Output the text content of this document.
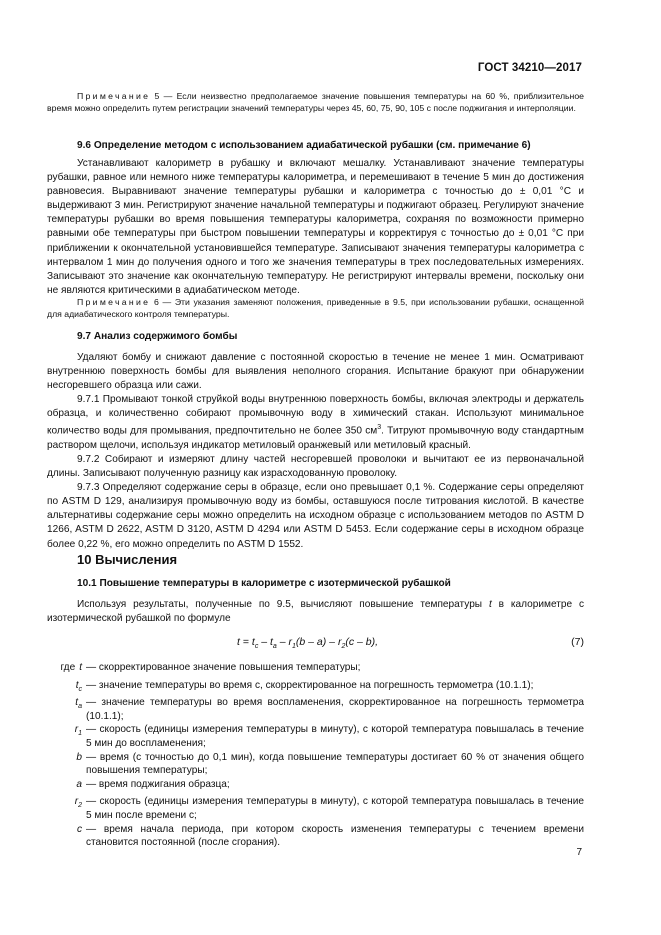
ГОСТ 34210—2017
Примечание 5 — Если неизвестно предполагаемое значение повышения температуры на 60 %, приблизительное время можно определить путем регистрации значений температуры через 45, 60, 75, 90, 105 с после поджигания и интерполяции.
9.6 Определение методом с использованием адиабатической рубашки (см. примечание 6)
Устанавливают калориметр в рубашку и включают мешалку. Устанавливают значение температуры рубашки, равное или немного ниже температуры калориметра, и перемешивают в течение 5 мин до достижения равновесия. Выравнивают значение температуры рубашки и калориметра с точностью до ± 0,01 °C и выдерживают 3 мин. Регистрируют значение начальной температуры и поджигают образец. Регулируют значение температуры рубашки во время повышения температуры калориметра, сохраняя по возможности примерно равными обе температуры при быстром повышении температуры и корректируя с точностью до ± 0,01 °C при приближении к окончательной установившейся температуре. Записывают значения температуры калориметра с интервалом 1 мин до получения одного и того же значения температуры в трех последовательных измерениях. Записывают это значение как окончательную температуру. Не регистрируют интервалы времени, поскольку они не являются критическими в адиабатическом методе.
Примечание 6 — Эти указания заменяют положения, приведенные в 9.5, при использовании рубашки, оснащенной для адиабатического контроля температуры.
9.7 Анализ содержимого бомбы
Удаляют бомбу и снижают давление с постоянной скоростью в течение не менее 1 мин. Осматривают внутреннюю поверхность бомбы для выявления неполного сгорания. Испытание бракуют при обнаружении несгоревшего образца или сажи.
9.7.1 Промывают тонкой струйкой воды внутреннюю поверхность бомбы, включая электроды и держатель образца, и количественно собирают промывочную воду в химический стакан. Используют минимальное количество воды для промывания, предпочтительно не более 350 $см^3$. Титруют промывочную воду стандартным раствором щелочи, используя индикатор метиловый оранжевый или метиловый красный.
9.7.2 Собирают и измеряют длину частей несгоревшей проволоки и вычитают ее из первоначальной длины. Записывают полученную разницу как израсходованную проволоку.
9.7.3 Определяют содержание серы в образце, если оно превышает 0,1 %. Содержание серы определяют по ASTM D 129, анализируя промывочную воду из бомбы, оставшуюся после титрования кислотой. В качестве альтернативы содержание серы можно определить на исходном образце с использованием методов по ASTM D 1266, ASTM D 2622, ASTM D 3120, ASTM D 4294 или ASTM D 5453. Если содержание серы в исходном образце более 0,22 %, его можно определить по ASTM D 1552.
10 Вычисления
10.1 Повышение температуры в калориметре с изотермической рубашкой
Используя результаты, полученные по 9.5, вычисляют повышение температуры t в калориметре с изотермической рубашкой по формуле
$t = t_c - t_a - r_1(b - a) - r_2(c - b)$,	(7)
где t — скорректированное значение повышения температуры;
$t_c$ — значение температуры во время c, скорректированное на погрешность термометра (10.1.1);
$t_a$ — значение температуры во время воспламенения, скорректированное на погрешность термометра (10.1.1);
$r_1$ — скорость (единицы измерения температуры в минуту), с которой температура повышалась в течение 5 мин до воспламенения;
b — время (с точностью до 0,1 мин), когда повышение температуры достигает 60 % от значения общего повышения температуры;
a — время поджигания образца;
$r_2$ — скорость (единицы измерения температуры в минуту), с которой температура повышалась в течение 5 мин после времени c;
c — время начала периода, при котором скорость изменения температуры с течением времени становится постоянной (после сгорания).
7
